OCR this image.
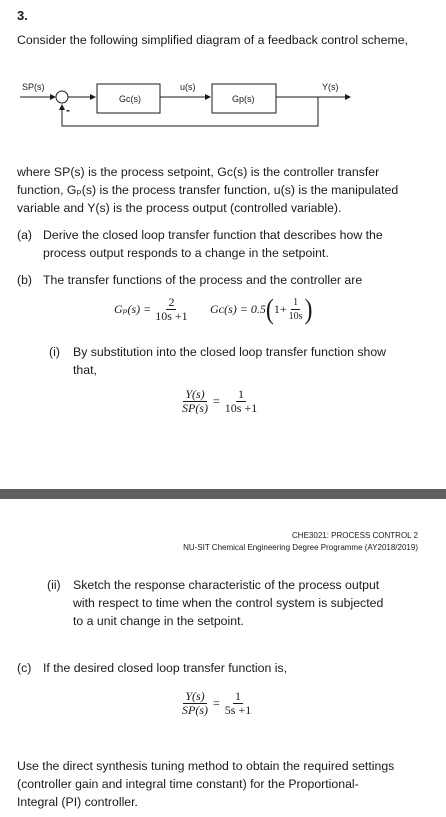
3.
Consider the following simplified diagram of a feedback control scheme,
SP(s)
Gc(s)
u(s)
Gp(s)
Y(s)
-
where SP(s) is the process setpoint, Gᴄ(s) is the controller transfer
function, Gₚ(s) is the process transfer function, u(s) is the manipulated
variable and Y(s) is the process output (controlled variable).
(a) Derive the closed loop transfer function that describes how the
process output responds to a change in the setpoint.
(b) The transfer functions of the process and the controller are
$G_p(s) = \frac{2}{10s +1}$ Gᴄ(s) = 0.5 ( $1+ \frac{1}{10s}$ )
(i) By substitution into the closed loop transfer function show
that,
$\frac{Y(s)}{SP(s)} = \frac{1}{10s +1}$
CHE3021: PROCESS CONTROL 2
NU-SIT Chemical Engineering Degree Programme (AY2018/2019)
(ii) Sketch the response characteristic of the process output
with respect to time when the control system is subjected
to a unit change in the setpoint.
(c) If the desired closed loop transfer function is,
$\frac{Y(s)}{SP(s)} = \frac{1}{5s +1}$
Use the direct synthesis tuning method to obtain the required settings
(controller gain and integral time constant) for the Proportional-
Integral (PI) controller.
